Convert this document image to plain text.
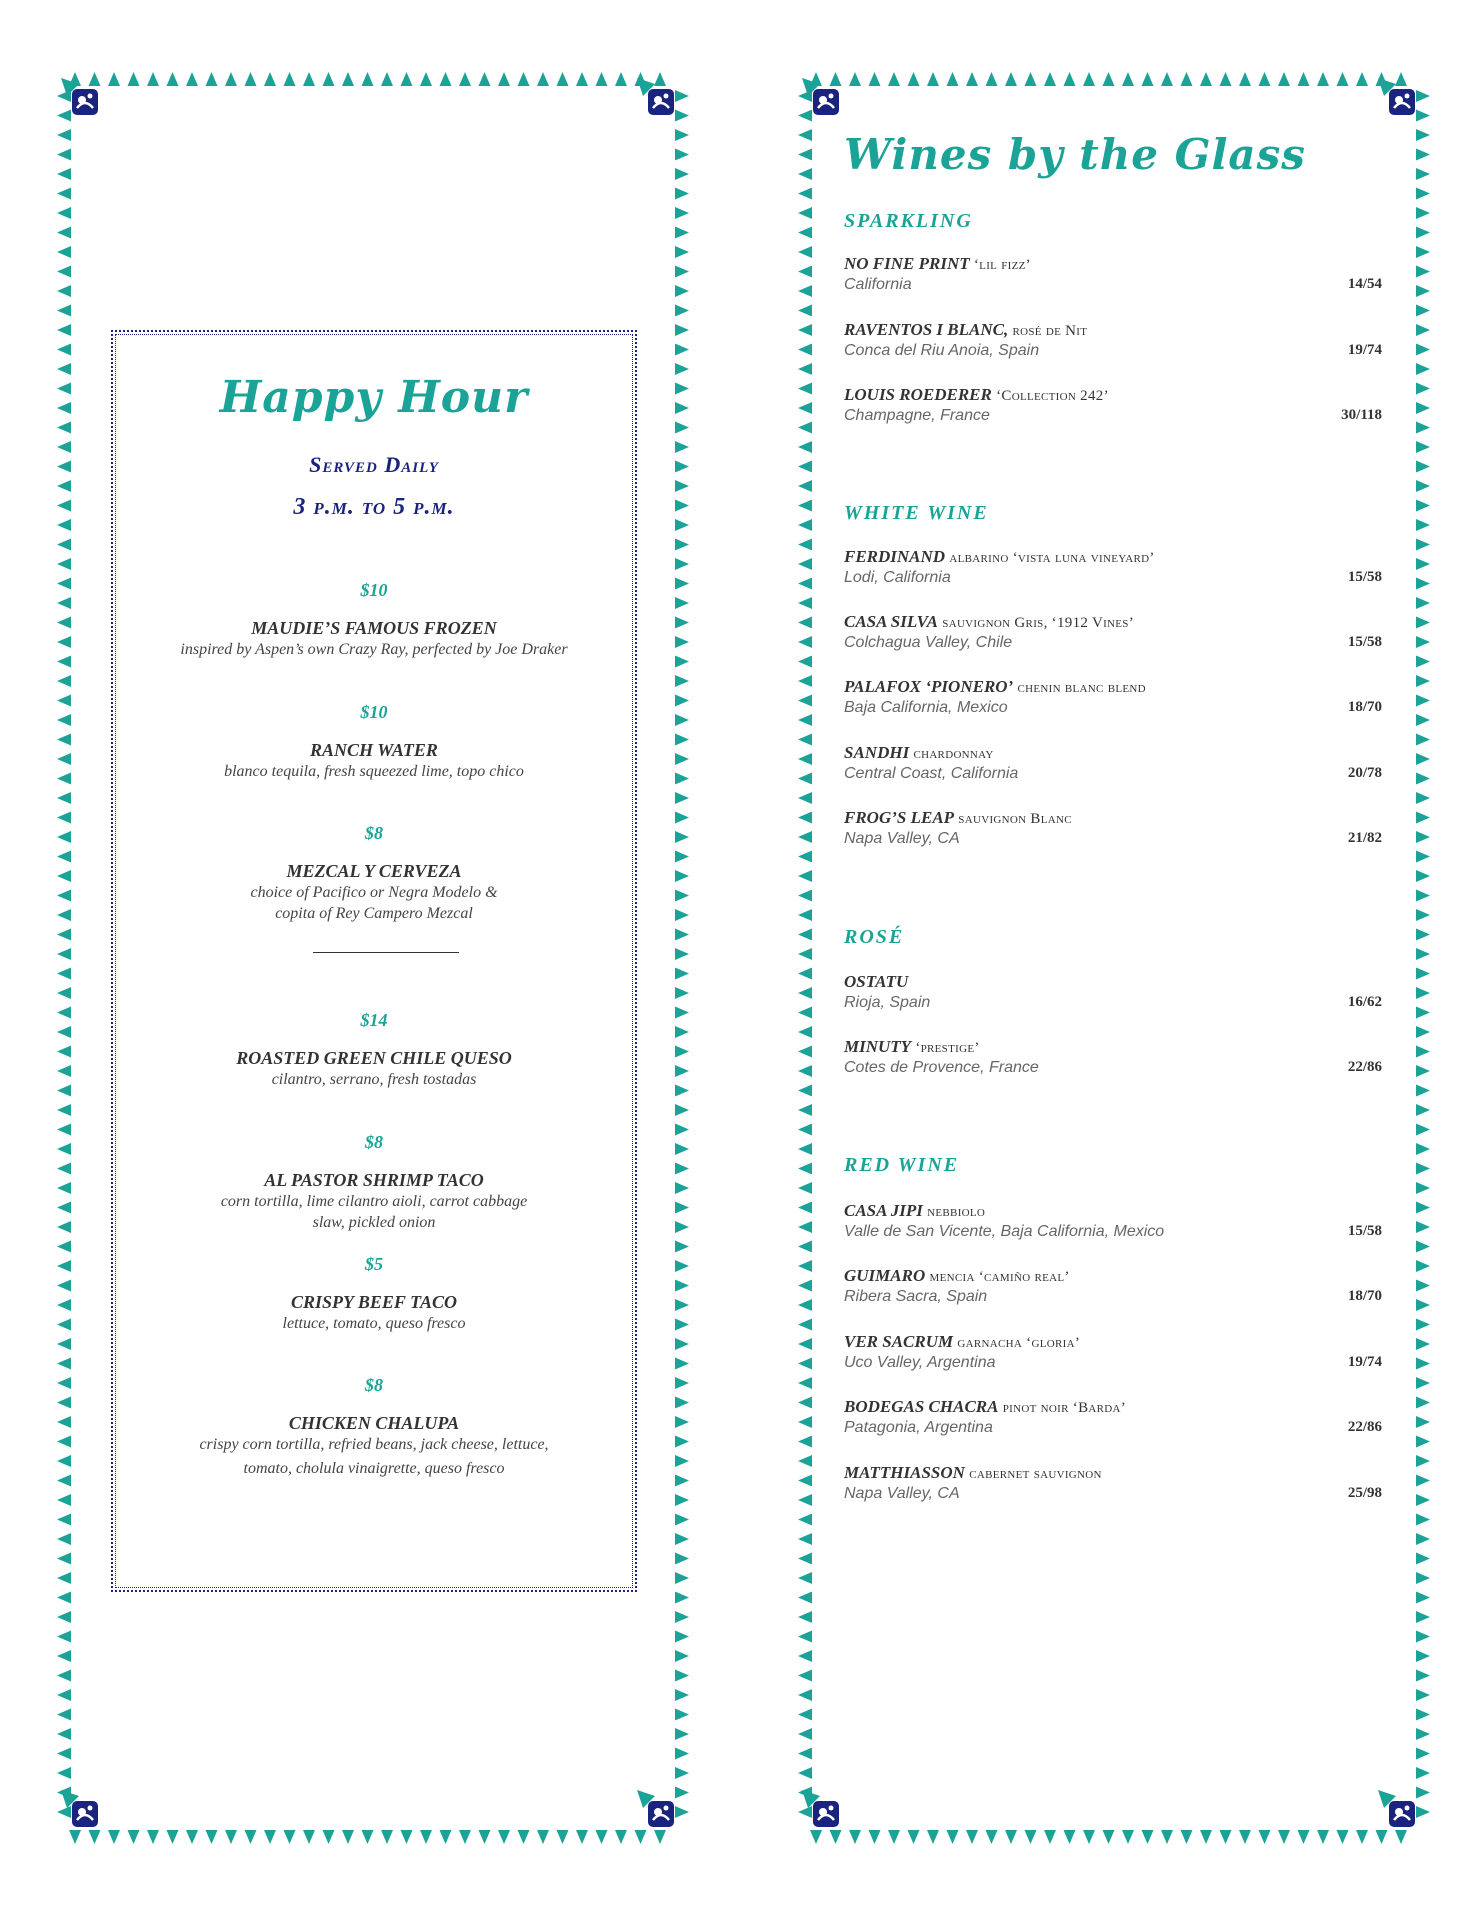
Happy Hour
Served Daily
3 p.m. to 5 p.m.
$10
MAUDIE’S FAMOUS FROZEN
inspired by Aspen’s own Crazy Ray, perfected by Joe Draker
$10
RANCH WATER
blanco tequila, fresh squeezed lime, topo chico
$8
MEZCAL Y CERVEZA
choice of Pacifico or Negra Modelo &
copita of Rey Campero Mezcal
$14
ROASTED GREEN CHILE QUESO
cilantro, serrano, fresh tostadas
$8
AL PASTOR SHRIMP TACO
corn tortilla, lime cilantro aioli, carrot cabbage
slaw, pickled onion
$5
CRISPY BEEF TACO
lettuce, tomato, queso fresco
$8
CHICKEN CHALUPA
crispy corn tortilla, refried beans, jack cheese, lettuce,
tomato, cholula vinaigrette, queso fresco
Wines by the Glass
SPARKLING
NO FINE PRINT ‘lil fizz’
California	14/54
RAVENTOS I BLANC, rosé de Nit
Conca del Riu Anoia, Spain	19/74
LOUIS ROEDERER ‘Collection 242’
Champagne, France	30/118
WHITE WINE
FERDINAND albarino ‘vista luna vineyard’
Lodi, California	15/58
CASA SILVA sauvignon Gris, ‘1912 Vines’
Colchagua Valley, Chile	15/58
PALAFOX ‘PIONERO’ chenin blanc blend
Baja California, Mexico	18/70
SANDHI chardonnay
Central Coast, California	20/78
FROG’S LEAP sauvignon Blanc
Napa Valley, CA	21/82
ROSÉ
OSTATU
Rioja, Spain	16/62
MINUTY ‘prestige’
Cotes de Provence, France	22/86
RED WINE
CASA JIPI nebbiolo
Valle de San Vicente, Baja California, Mexico	15/58
GUIMARO mencia ‘camiño real’
Ribera Sacra, Spain	18/70
VER SACRUM garnacha ‘gloria’
Uco Valley, Argentina	19/74
BODEGAS CHACRA pinot noir ‘Barda’
Patagonia, Argentina	22/86
MATTHIASSON cabernet sauvignon
Napa Valley, CA	25/98
